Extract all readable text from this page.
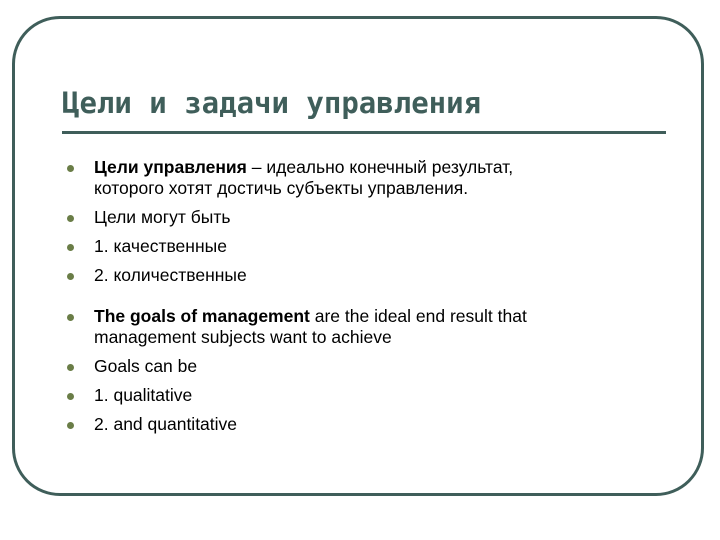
Цели и задачи управления
Цели управления – идеально конечный результат,
которого хотят достичь субъекты управления.
Цели могут быть
1. качественные
2. количественные
The goals of management are the ideal end result that
management subjects want to achieve
Goals can be
1. qualitative
2. and quantitative
